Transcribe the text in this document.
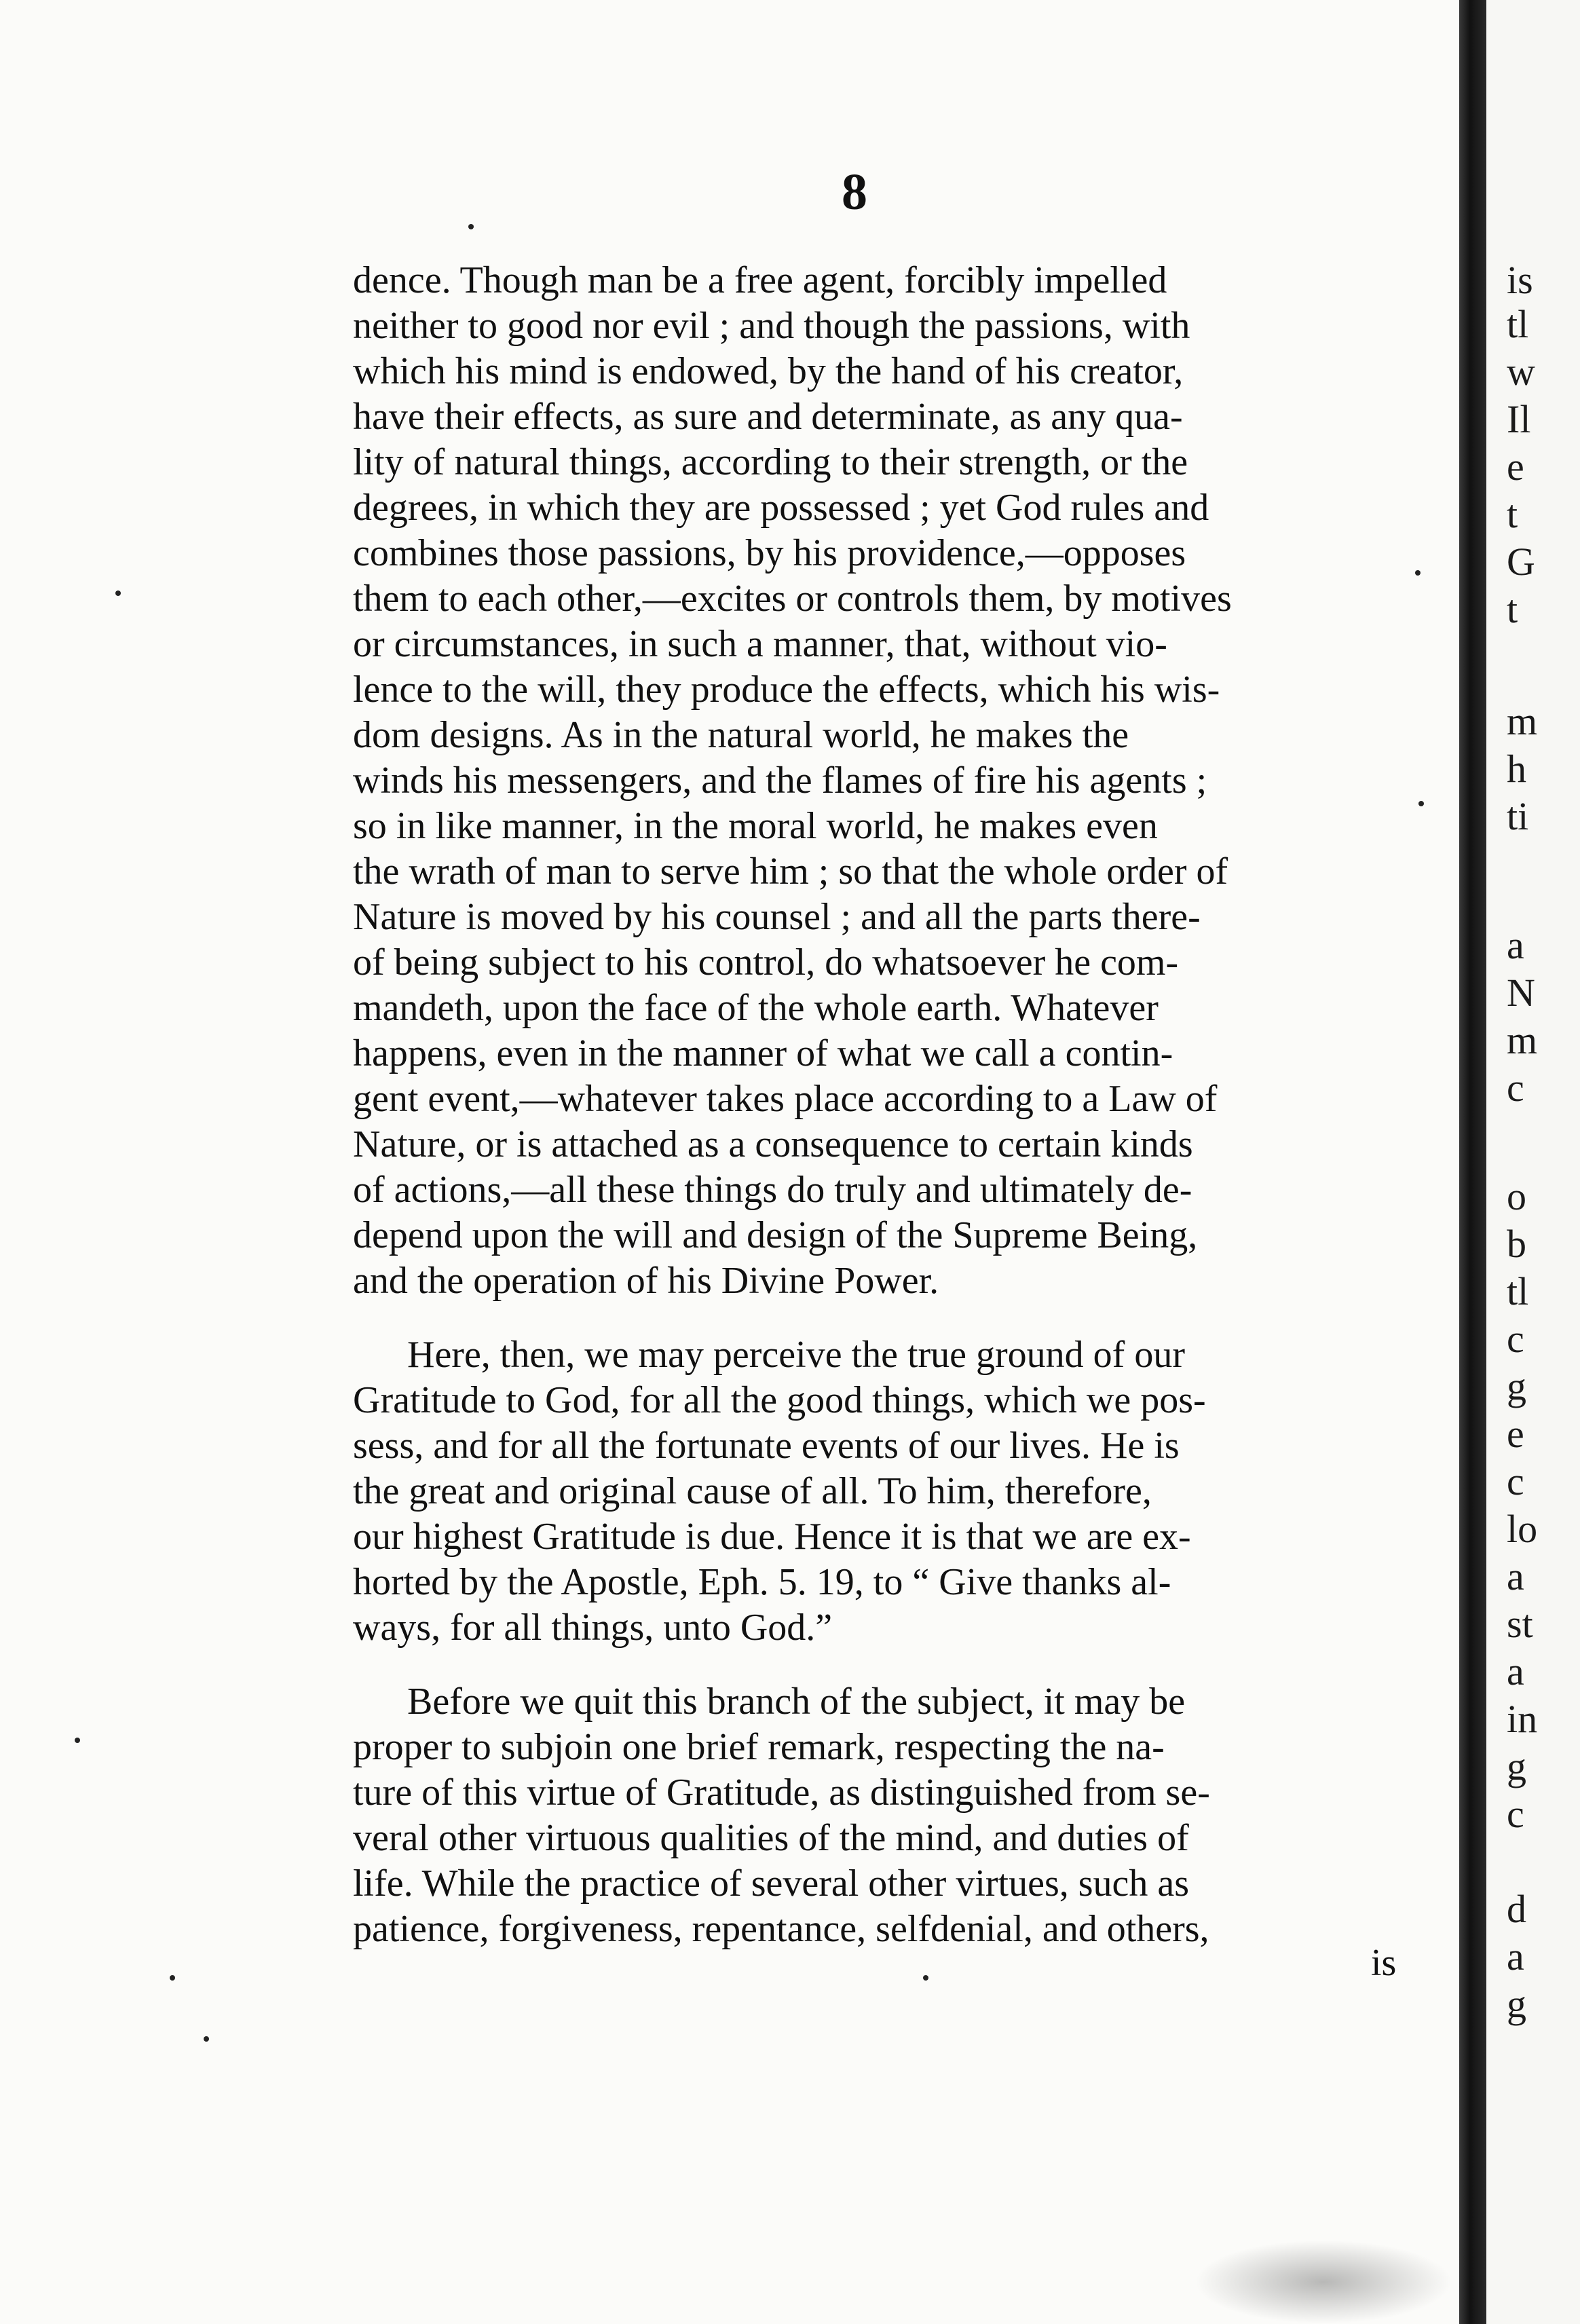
8
dence. Though man be a free agent, forcibly impelled
neither to good nor evil ; and though the passions, with
which his mind is endowed, by the hand of his creator,
have their effects, as sure and determinate, as any qua-
lity of natural things, according to their strength, or the
degrees, in which they are possessed ; yet God rules and
combines those passions, by his providence,—opposes
them to each other,—excites or controls them, by motives
or circumstances, in such a manner, that, without vio-
lence to the will, they produce the effects, which his wis-
dom designs. As in the natural world, he makes the
winds his messengers, and the flames of fire his agents ;
so in like manner, in the moral world, he makes even
the wrath of man to serve him ; so that the whole order of
Nature is moved by his counsel ; and all the parts there-
of being subject to his control, do whatsoever he com-
mandeth, upon the face of the whole earth. Whatever
happens, even in the manner of what we call a contin-
gent event,—whatever takes place according to a Law of
Nature, or is attached as a consequence to certain kinds
of actions,—all these things do truly and ultimately de-
depend upon the will and design of the Supreme Being,
and the operation of his Divine Power.
Here, then, we may perceive the true ground of our
Gratitude to God, for all the good things, which we pos-
sess, and for all the fortunate events of our lives. He is
the great and original cause of all. To him, therefore,
our highest Gratitude is due. Hence it is that we are ex-
horted by the Apostle, Eph. 5. 19, to “ Give thanks al-
ways, for all things, unto God.”
Before we quit this branch of the subject, it may be
proper to subjoin one brief remark, respecting the na-
ture of this virtue of Gratitude, as distinguished from se-
veral other virtuous qualities of the mind, and duties of
life. While the practice of several other virtues, such as
patience, forgiveness, repentance, selfdenial, and others,
is
is
tl
w
Il
e
t
G
t
m
h
ti
a
N
m
c
o
b
tl
c
g
e
c
lo
a
st
a
in
g
c
d
a
g
